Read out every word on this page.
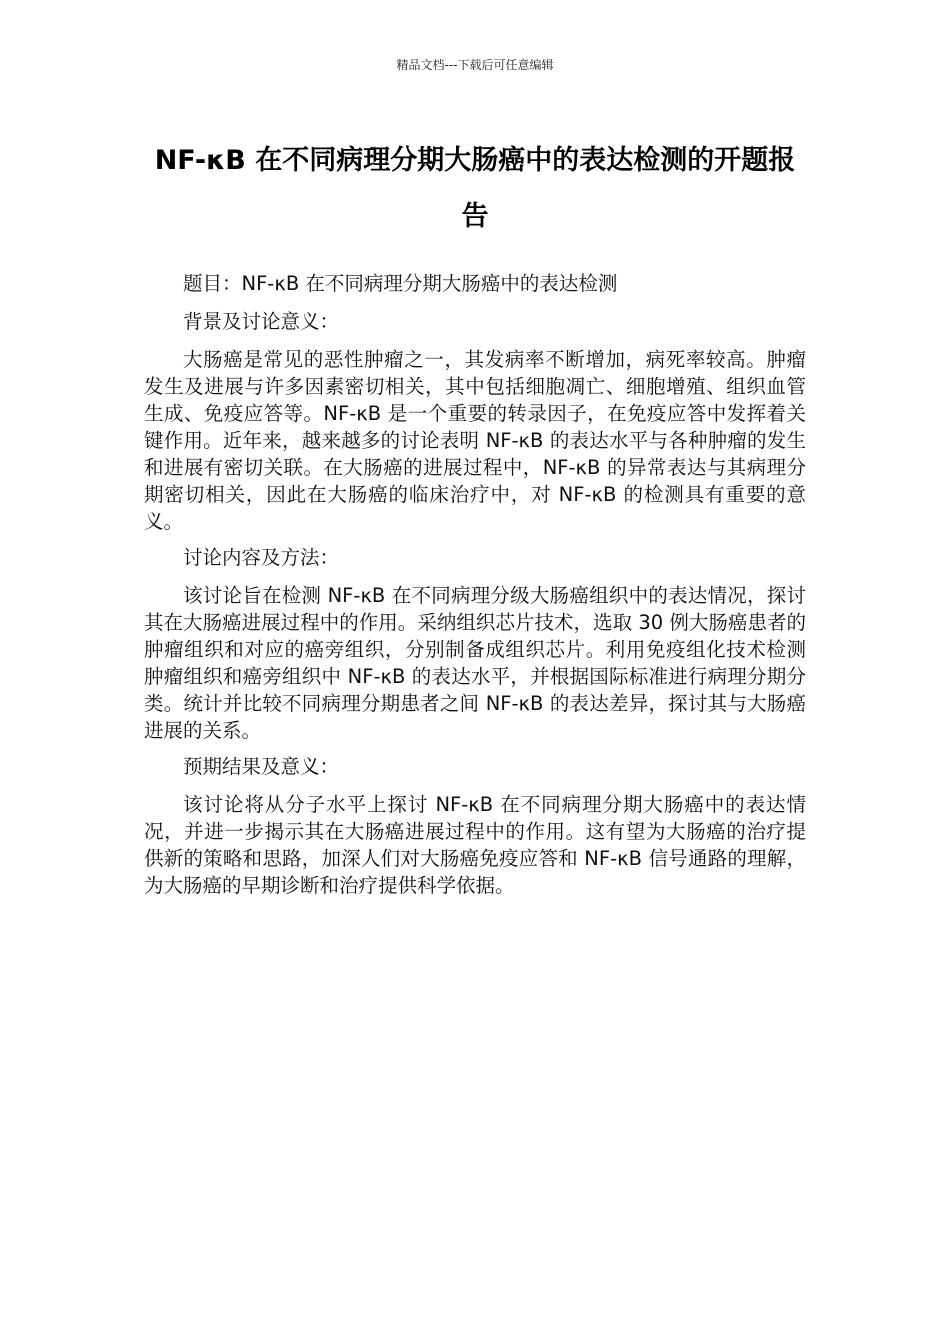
精品文档---下载后可任意编辑
NF-κB 在不同病理分期大肠癌中的表达检测的开题报告

题目：NF-κB 在不同病理分期大肠癌中的表达检测

背景及讨论意义：

大肠癌是常见的恶性肿瘤之一，其发病率不断增加，病死率较高。肿瘤发生及进展与许多因素密切相关，其中包括细胞凋亡、细胞增殖、组织血管生成、免疫应答等。NF-κB 是一个重要的转录因子，在免疫应答中发挥着关键作用。近年来，越来越多的讨论表明 NF-κB 的表达水平与各种肿瘤的发生和进展有密切关联。在大肠癌的进展过程中，NF-κB 的异常表达与其病理分期密切相关，因此在大肠癌的临床治疗中，对 NF-κB 的检测具有重要的意义。

讨论内容及方法：

该讨论旨在检测 NF-κB 在不同病理分级大肠癌组织中的表达情况，探讨其在大肠癌进展过程中的作用。采纳组织芯片技术，选取 30 例大肠癌患者的肿瘤组织和对应的癌旁组织，分别制备成组织芯片。利用免疫组化技术检测肿瘤组织和癌旁组织中 NF-κB 的表达水平，并根据国际标准进行病理分期分类。统计并比较不同病理分期患者之间 NF-κB 的表达差异，探讨其与大肠癌进展的关系。

预期结果及意义：

该讨论将从分子水平上探讨 NF-κB 在不同病理分期大肠癌中的表达情况，并进一步揭示其在大肠癌进展过程中的作用。这有望为大肠癌的治疗提供新的策略和思路，加深人们对大肠癌免疫应答和 NF-κB 信号通路的理解，为大肠癌的早期诊断和治疗提供科学依据。
